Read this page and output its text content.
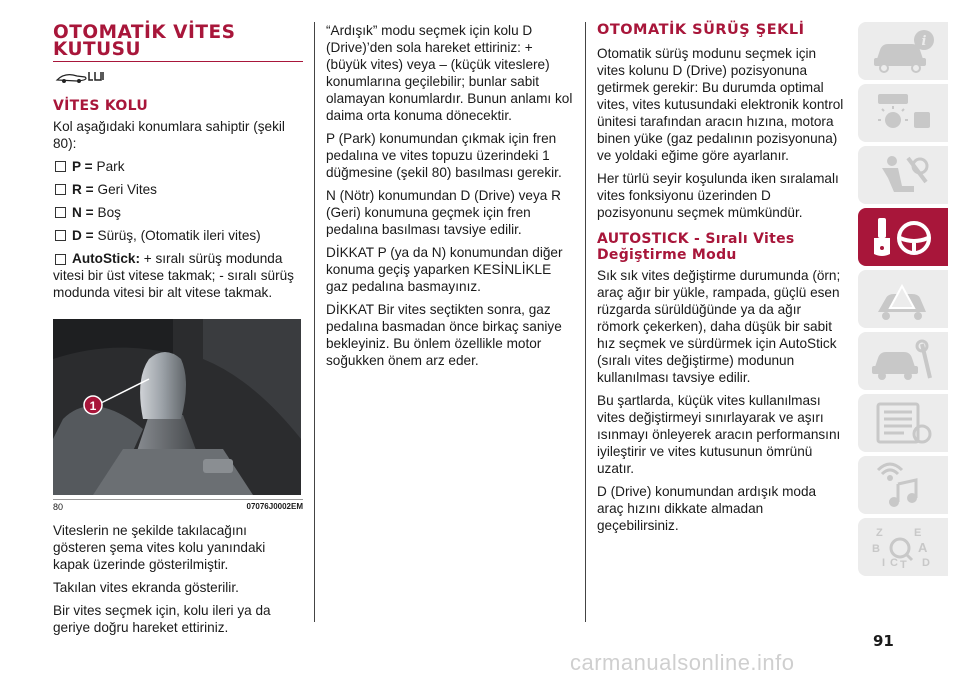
OTOMATİK VİTES KUTUSU
VİTES KOLU

Kol aşağıdaki konumlara sahiptir (şekil 80):

P = Park
R = Geri Vites
N = Boş
D = Sürüş, (Otomatik ileri vites)

AutoStick: + sıralı sürüş modunda vitesi bir üst vitese takmak; - sıralı sürüş modunda vitesi bir alt vitese takmak.

1
80	07076J0002EM

Viteslerin ne şekilde takılacağını gösteren şema vites kolu yanındaki kapak üzerinde gösterilmiştir.

Takılan vites ekranda gösterilir.

Bir vites seçmek için, kolu ileri ya da geriye doğru hareket ettiriniz.

“Ardışık” modu seçmek için kolu D (Drive)’den sola hareket ettiriniz: + (büyük vites) veya – (küçük viteslere) konumlarına geçilebilir; bunlar sabit olamayan konumlardır. Bunun anlamı kol daima orta konuma dönecektir.

P (Park) konumundan çıkmak için fren pedalına ve vites topuzu üzerindeki 1 düğmesine (şekil 80) basılması gerekir.

N (Nötr) konumundan D (Drive) veya R (Geri) konumuna geçmek için fren pedalına basılması tavsiye edilir.

DİKKAT P (ya da N) konumundan diğer konuma geçiş yaparken KESİNLİKLE gaz pedalına basmayınız.

DİKKAT Bir vites seçtikten sonra, gaz pedalına basmadan önce birkaç saniye bekleyiniz. Bu önlem özellikle motor soğukken önem arz eder.

OTOMATİK SÜRÜŞ ŞEKLİ

Otomatik sürüş modunu seçmek için vites kolunu D (Drive) pozisyonuna getirmek gerekir: Bu durumda optimal vites, vites kutusundaki elektronik kontrol ünitesi tarafından aracın hızına, motora binen yüke (gaz pedalının pozisyonuna) ve yoldaki eğime göre ayarlanır.

Her türlü seyir koşulunda iken sıralamalı vites fonksiyonu üzerinden D pozisyonunu seçmek mümkündür.

AUTOSTICK - Sıralı Vites Değiştirme Modu

Sık sık vites değiştirme durumunda (örn; araç ağır bir yükle, rampada, güçlü esen rüzgarda sürüldüğünde ya da ağır römork çekerken), daha düşük bir sabit hız seçmek ve sürdürmek için AutoStick (sıralı vites değiştirme) modunun kullanılması tavsiye edilir.

Bu şartlarda, küçük vites kullanılması vites değiştirmeyi sınırlayarak ve aşırı ısınmayı önleyerek aracın performansını iyileştirir ve vites kutusunun ömrünü uzatır.

D (Drive) konumundan ardışık moda araç hızını dikkate almadan geçebilirsiniz.

i
Z	E
B	A
I C T D
91
carmanualsonline.info
